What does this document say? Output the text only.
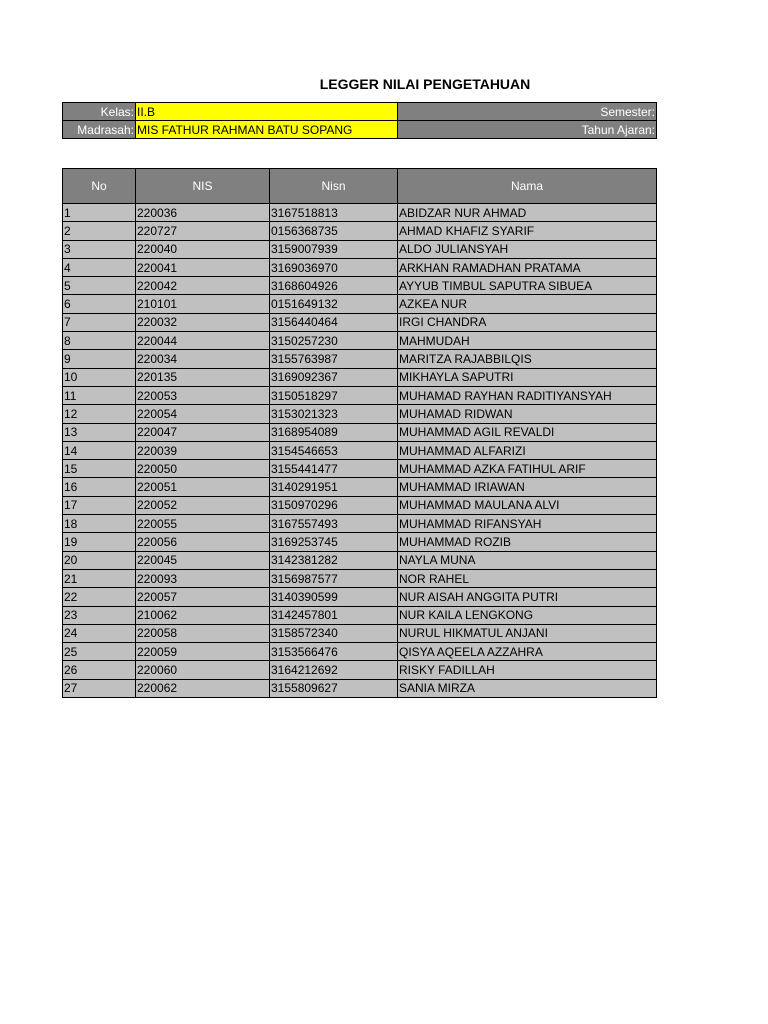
LEGGER NILAI PENGETAHUAN
Kelas:	II.B	Semester:
Madrasah:	MIS FATHUR RAHMAN BATU SOPANG	Tahun Ajaran:
No	NIS	Nisn	Nama
1	220036	3167518813	ABIDZAR NUR AHMAD
2	220727	0156368735	AHMAD KHAFIZ SYARIF
3	220040	3159007939	ALDO JULIANSYAH
4	220041	3169036970	ARKHAN RAMADHAN PRATAMA
5	220042	3168604926	AYYUB TIMBUL SAPUTRA SIBUEA
6	210101	0151649132	AZKEA NUR
7	220032	3156440464	IRGI CHANDRA
8	220044	3150257230	MAHMUDAH
9	220034	3155763987	MARITZA RAJABBILQIS
10	220135	3169092367	MIKHAYLA SAPUTRI
11	220053	3150518297	MUHAMAD RAYHAN RADITIYANSYAH
12	220054	3153021323	MUHAMAD RIDWAN
13	220047	3168954089	MUHAMMAD AGIL REVALDI
14	220039	3154546653	MUHAMMAD ALFARIZI
15	220050	3155441477	MUHAMMAD AZKA FATIHUL ARIF
16	220051	3140291951	MUHAMMAD IRIAWAN
17	220052	3150970296	MUHAMMAD MAULANA ALVI
18	220055	3167557493	MUHAMMAD RIFANSYAH
19	220056	3169253745	MUHAMMAD ROZIB
20	220045	3142381282	NAYLA MUNA
21	220093	3156987577	NOR RAHEL
22	220057	3140390599	NUR AISAH ANGGITA PUTRI
23	210062	3142457801	NUR KAILA LENGKONG
24	220058	3158572340	NURUL HIKMATUL ANJANI
25	220059	3153566476	QISYA AQEELA AZZAHRA
26	220060	3164212692	RISKY FADILLAH
27	220062	3155809627	SANIA MIRZA
